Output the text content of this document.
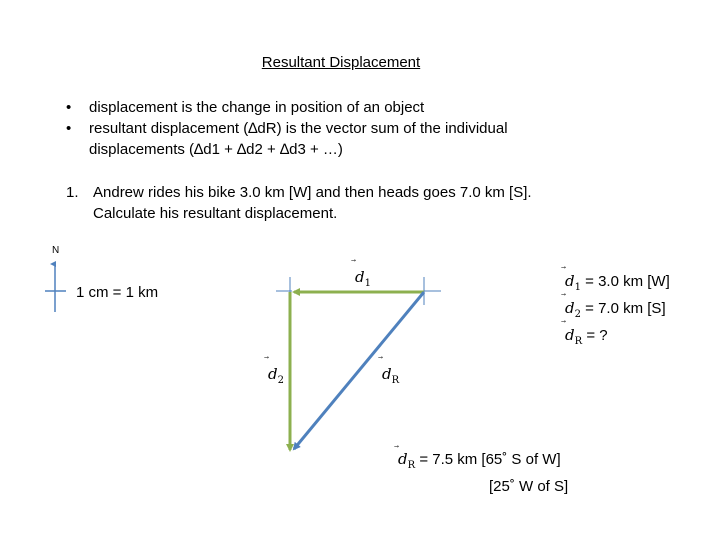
Resultant Displacement
•	displacement is the change in position of an object
•	resultant displacement (∆dR) is the vector sum of the individual
displacements (∆d1 + ∆d2 + ∆d3 + …)
1. Andrew rides his bike 3.0 km [W] and then heads goes 7.0 km [S].
Calculate his resultant displacement.
N
1 cm = 1 km
$d_1$
$d_2$	$d_R$
$d_1 = 3.0$ km [W]
$d_2 = 7.0$ km [S]
$d_R$ = ?
$d_R = 7.5$ km [65˚ S of W]
[25˚ W of S]
